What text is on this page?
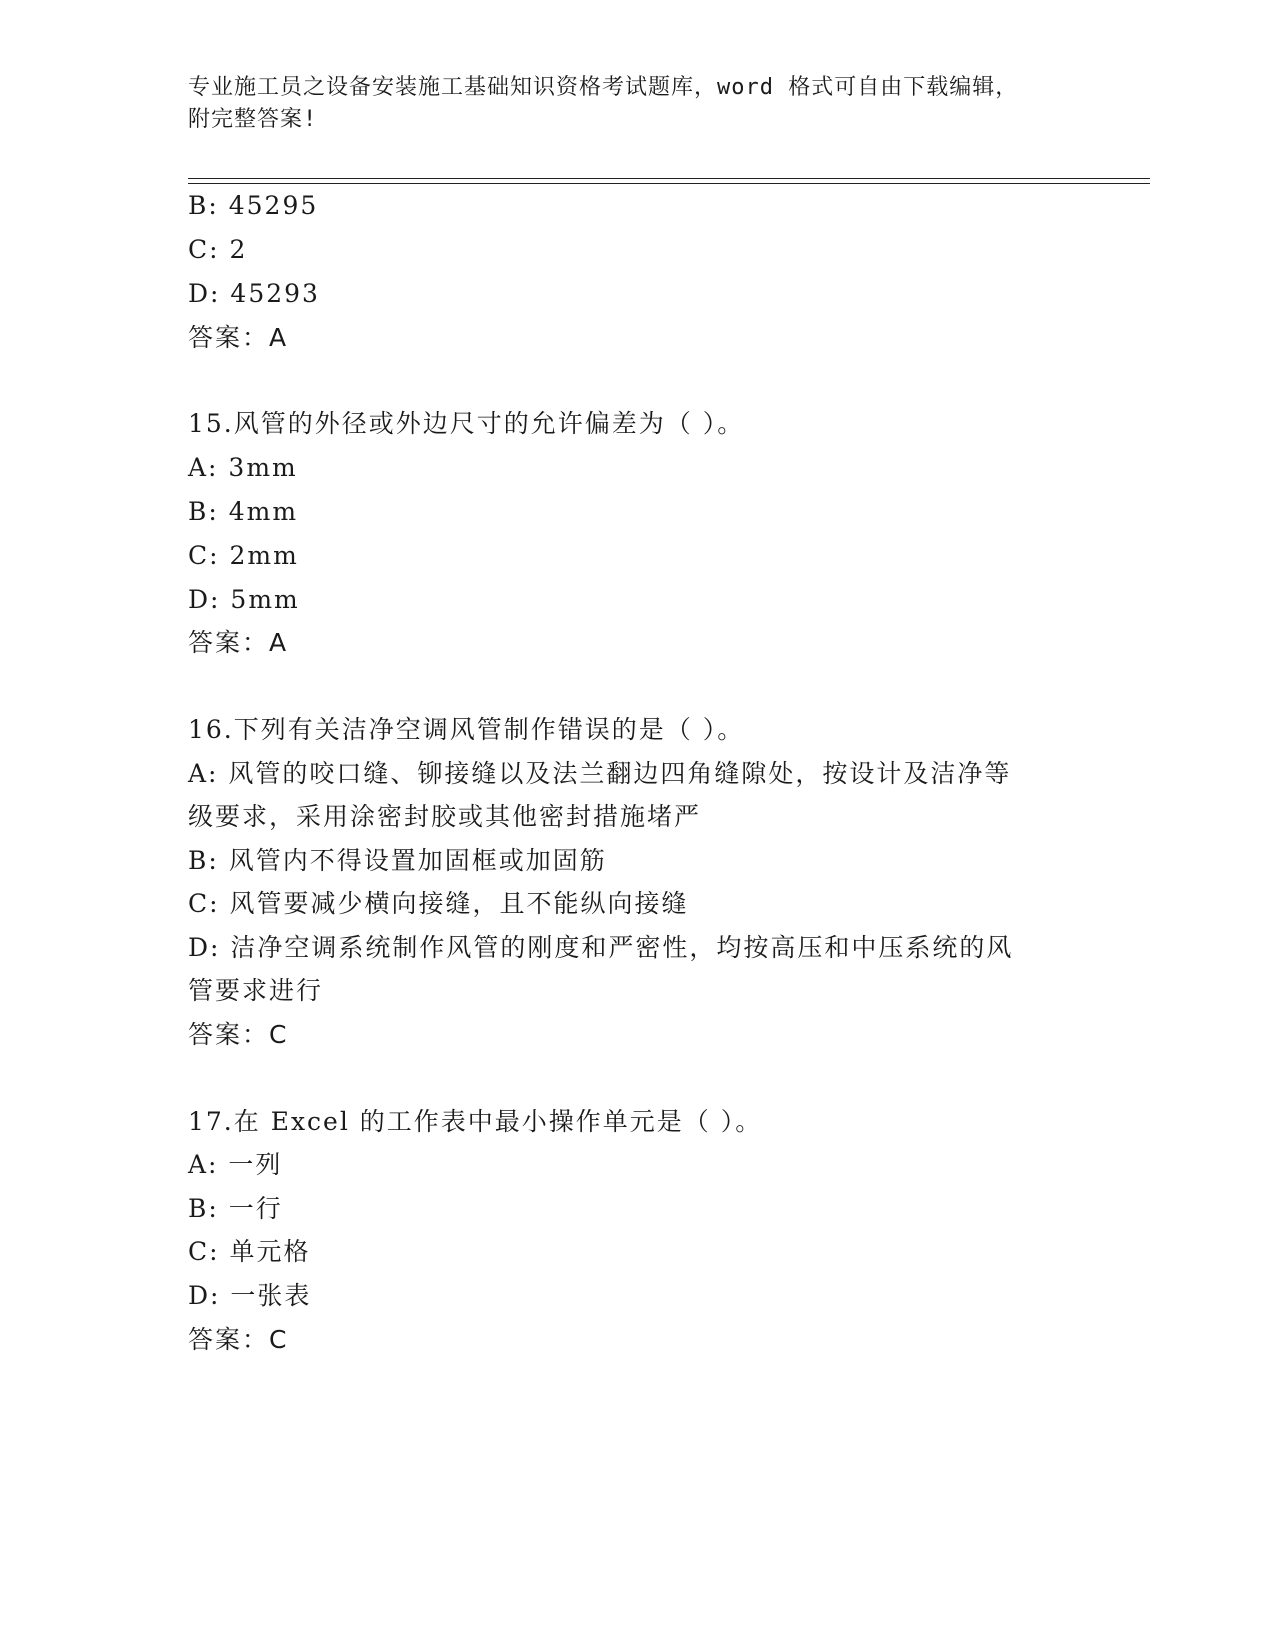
专业施工员之设备安装施工基础知识资格考试题库，word 格式可自由下载编辑，
附完整答案!
B: 45295
C: 2
D: 45293
答案：A
15.风管的外径或外边尺寸的允许偏差为（ ）。
A: 3mm
B: 4mm
C: 2mm
D: 5mm
答案：A
16.下列有关洁净空调风管制作错误的是（ ）。
A: 风管的咬口缝、铆接缝以及法兰翻边四角缝隙处，按设计及洁净等
级要求，采用涂密封胶或其他密封措施堵严
B: 风管内不得设置加固框或加固筋
C: 风管要减少横向接缝，且不能纵向接缝
D: 洁净空调系统制作风管的刚度和严密性，均按高压和中压系统的风
管要求进行
答案：C
17.在 Excel 的工作表中最小操作单元是（ ）。
A: 一列
B: 一行
C: 单元格
D: 一张表
答案：C
